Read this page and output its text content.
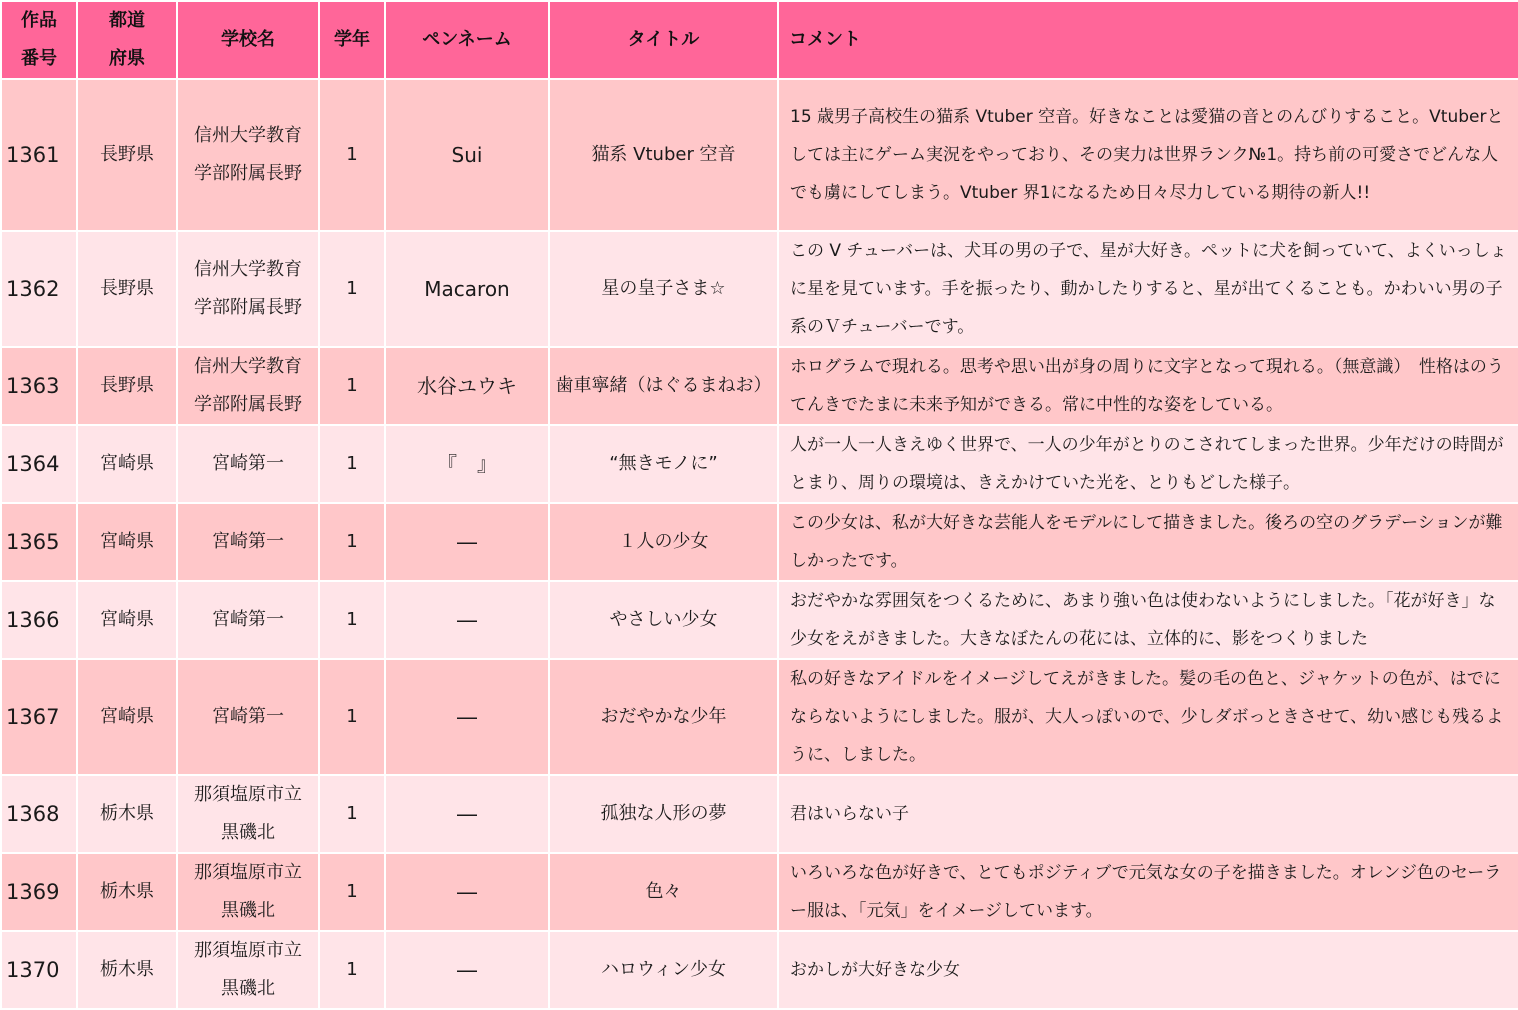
作品
番号	都道
府県	学校名	学年	ペンネーム	タイトル	コメント
1361	長野県	信州大学教育
学部附属長野	1	Sui	猫系 Vtuber 空音	15 歳男子高校生の猫系 Vtuber 空音。好きなことは愛猫の音とのんびりすること。Vtuberとしては主にゲーム実況をやっており、その実力は世界ランク№1。持ち前の可愛さでどんな人でも虜にしてしまう。Vtuber 界1になるため日々尽力している期待の新人!!
1362	長野県	信州大学教育
学部附属長野	1	Macaron	星の皇子さま☆	この V チューバーは、犬耳の男の子で、星が大好き。ペットに犬を飼っていて、よくいっしょに星を見ています。手を振ったり、動かしたりすると、星が出てくることも。かわいい男の子系のＶチューバーです。
1363	長野県	信州大学教育
学部附属長野	1	水谷ユウキ	歯車寧緒（はぐるまねお）	ホログラムで現れる。思考や思い出が身の周りに文字となって現れる。（無意識）　性格はのうてんきでたまに未来予知ができる。常に中性的な姿をしている。
1364	宮崎県	宮崎第一	1	『　』	“無きモノに”	人が一人一人きえゆく世界で、一人の少年がとりのこされてしまった世界。少年だけの時間がとまり、周りの環境は、きえかけていた光を、とりもどした様子。
1365	宮崎県	宮崎第一	1	―	１人の少女	この少女は、私が大好きな芸能人をモデルにして描きました。後ろの空のグラデーションが難しかったです。
1366	宮崎県	宮崎第一	1	―	やさしい少女	おだやかな雰囲気をつくるために、あまり強い色は使わないようにしました。「花が好き」な少女をえがきました。大きなぼたんの花には、立体的に、影をつくりました
1367	宮崎県	宮崎第一	1	―	おだやかな少年	私の好きなアイドルをイメージしてえがきました。髪の毛の色と、ジャケットの色が、はでにならないようにしました。服が、大人っぽいので、少しダボっときさせて、幼い感じも残るように、しました。
1368	栃木県	那須塩原市立
黒磯北	1	―	孤独な人形の夢	君はいらない子
1369	栃木県	那須塩原市立
黒磯北	1	―	色々	いろいろな色が好きで、とてもポジティブで元気な女の子を描きました。オレンジ色のセーラー服は、「元気」をイメージしています。
1370	栃木県	那須塩原市立
黒磯北	1	―	ハロウィン少女	おかしが大好きな少女
